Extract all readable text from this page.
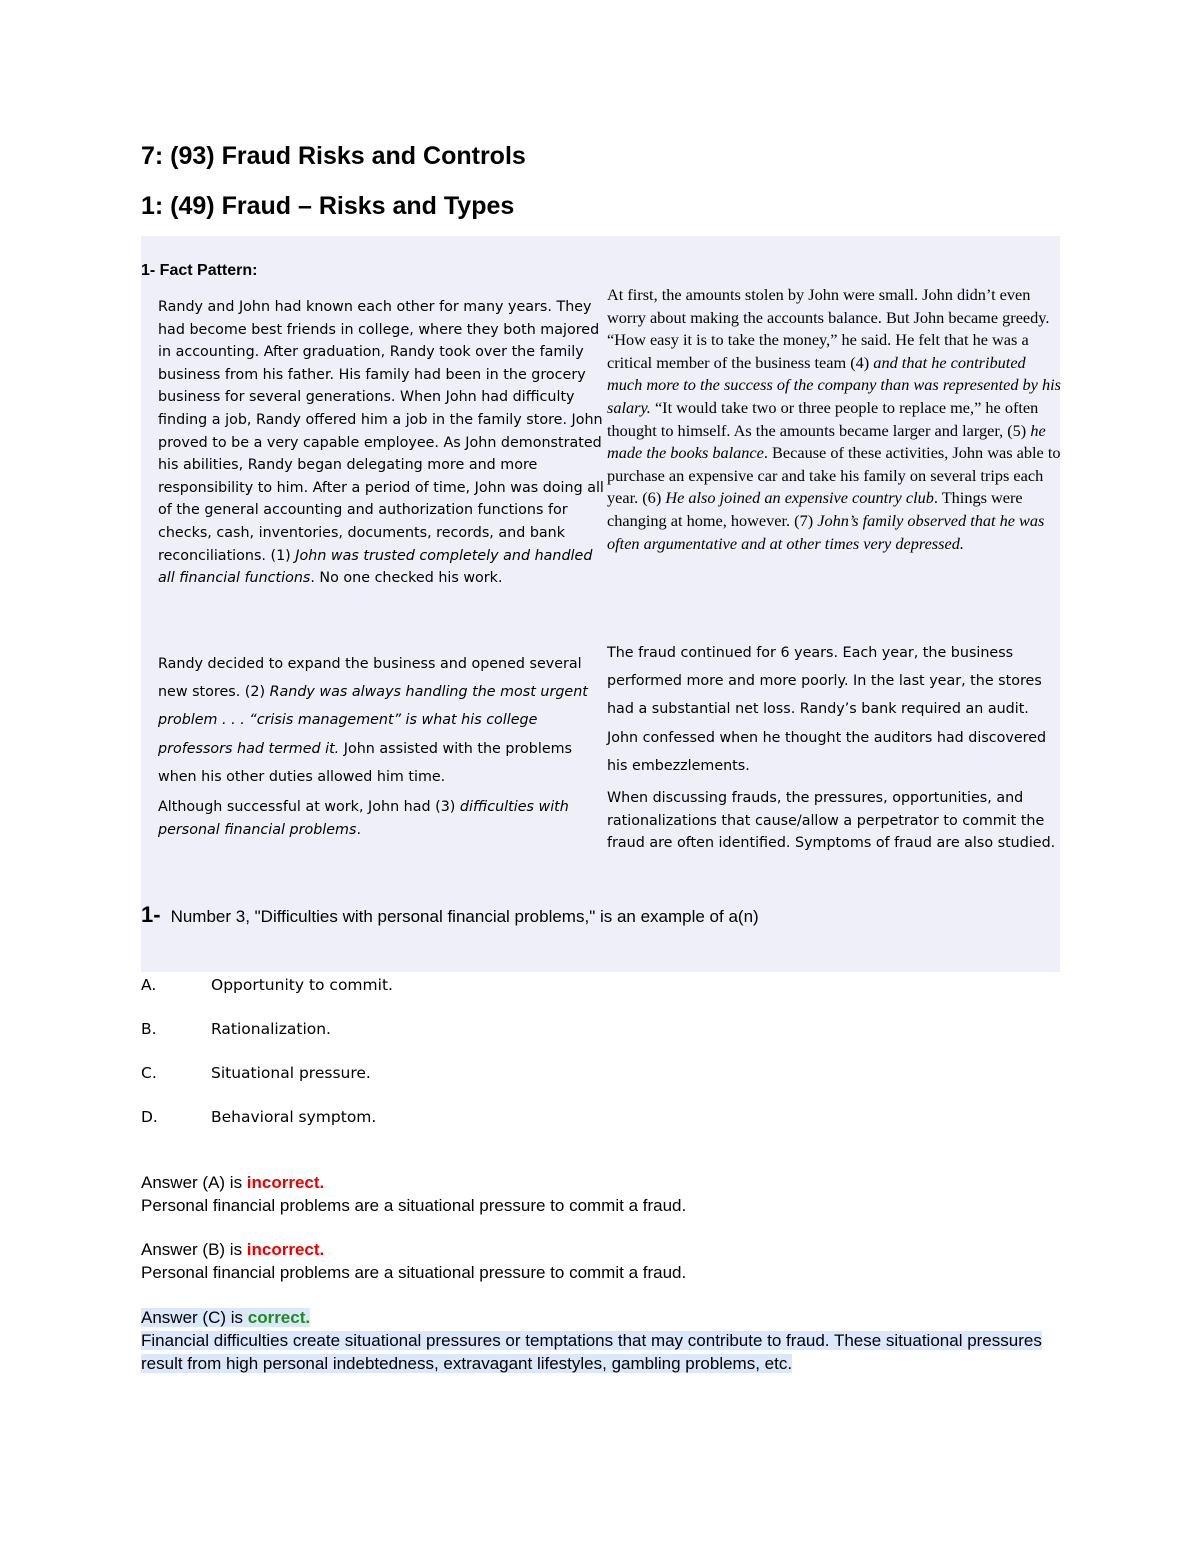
7: (93) Fraud Risks and Controls
1: (49) Fraud – Risks and Types
1- Fact Pattern:

Randy and John had known each other for many years. They had become best friends in college, where they both majored in accounting. After graduation, Randy took over the family business from his father. His family had been in the grocery business for several generations. When John had difficulty finding a job, Randy offered him a job in the family store. John proved to be a very capable employee. As John demonstrated his abilities, Randy began delegating more and more responsibility to him. After a period of time, John was doing all of the general accounting and authorization functions for checks, cash, inventories, documents, records, and bank reconciliations. (1) John was trusted completely and handled all financial functions. No one checked his work.

Randy decided to expand the business and opened several new stores. (2) Randy was always handling the most urgent problem . . . “crisis management” is what his college professors had termed it. John assisted with the problems when his other duties allowed him time.

Although successful at work, John had (3) difficulties with personal financial problems.

At first, the amounts stolen by John were small. John didn’t even worry about making the accounts balance. But John became greedy. “How easy it is to take the money,” he said. He felt that he was a critical member of the business team (4) and that he contributed much more to the success of the company than was represented by his salary. “It would take two or three people to replace me,” he often thought to himself. As the amounts became larger and larger, (5) he made the books balance. Because of these activities, John was able to purchase an expensive car and take his family on several trips each year. (6) He also joined an expensive country club. Things were changing at home, however. (7) John’s family observed that he was often argumentative and at other times very depressed.

The fraud continued for 6 years. Each year, the business performed more and more poorly. In the last year, the stores had a substantial net loss. Randy’s bank required an audit. John confessed when he thought the auditors had discovered his embezzlements.

When discussing frauds, the pressures, opportunities, and rationalizations that cause/allow a perpetrator to commit the fraud are often identified. Symptoms of fraud are also studied.

1- Number 3, "Difficulties with personal financial problems," is an example of a(n)
A.	Opportunity to commit.
B.	Rationalization.
C.	Situational pressure.
D.	Behavioral symptom.

Answer (A) is incorrect.

Personal financial problems are a situational pressure to commit a fraud.

Answer (B) is incorrect.

Personal financial problems are a situational pressure to commit a fraud.

Answer (C) is correct.

Financial difficulties create situational pressures or temptations that may contribute to fraud. These situational pressures result from high personal indebtedness, extravagant lifestyles, gambling problems, etc.
